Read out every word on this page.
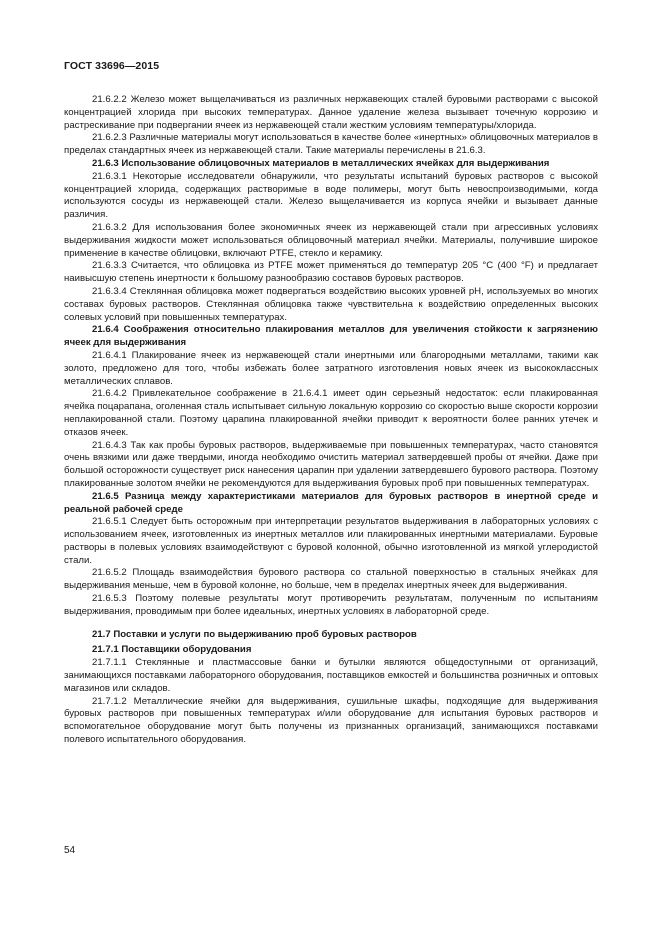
ГОСТ 33696—2015

21.6.2.2 Железо может выщелачиваться из различных нержавеющих сталей буровыми растворами с высокой концентрацией хлорида при высоких температурах. Данное удаление железа вызывает точечную коррозию и растрескивание при подвергании ячеек из нержавеющей стали жестким условиям температуры/хлорида.

21.6.2.3 Различные материалы могут использоваться в качестве более «инертных» облицовочных материалов в пределах стандартных ячеек из нержавеющей стали. Такие материалы перечислены в 21.6.3.

21.6.3 Использование облицовочных материалов в металлических ячейках для выдерживания

21.6.3.1 Некоторые исследователи обнаружили, что результаты испытаний буровых растворов с высокой концентрацией хлорида, содержащих растворимые в воде полимеры, могут быть невоспроизводимыми, когда используются сосуды из нержавеющей стали. Железо выщелачивается из корпуса ячейки и вызывает данные различия.

21.6.3.2 Для использования более экономичных ячеек из нержавеющей стали при агрессивных условиях выдерживания жидкости может использоваться облицовочный материал ячейки. Материалы, получившие широкое применение в качестве облицовки, включают PTFE, стекло и керамику.

21.6.3.3 Считается, что облицовка из PTFE может применяться до температур 205 °С (400 °F) и предлагает наивысшую степень инертности к большому разнообразию составов буровых растворов.

21.6.3.4 Стеклянная облицовка может подвергаться воздействию высоких уровней pH, используемых во многих составах буровых растворов. Стеклянная облицовка также чувствительна к воздействию определенных высоких солевых условий при повышенных температурах.

21.6.4 Соображения относительно плакирования металлов для увеличения стойкости к загрязнению ячеек для выдерживания

21.6.4.1 Плакирование ячеек из нержавеющей стали инертными или благородными металлами, такими как золото, предложено для того, чтобы избежать более затратного изготовления новых ячеек из высококлассных металлических сплавов.

21.6.4.2 Привлекательное соображение в 21.6.4.1 имеет один серьезный недостаток: если плакированная ячейка поцарапана, оголенная сталь испытывает сильную локальную коррозию со скоростью выше скорости коррозии неплакированной стали. Поэтому царапина плакированной ячейки приводит к вероятности более ранних утечек и отказов ячеек.

21.6.4.3 Так как пробы буровых растворов, выдерживаемые при повышенных температурах, часто становятся очень вязкими или даже твердыми, иногда необходимо очистить материал затвердевшей пробы от ячейки. Даже при большой осторожности существует риск нанесения царапин при удалении затвердевшего бурового раствора. Поэтому плакированные золотом ячейки не рекомендуются для выдерживания буровых проб при повышенных температурах.

21.6.5 Разница между характеристиками материалов для буровых растворов в инертной среде и реальной рабочей среде

21.6.5.1 Следует быть осторожным при интерпретации результатов выдерживания в лабораторных условиях с использованием ячеек, изготовленных из инертных металлов или плакированных инертными материалами. Буровые растворы в полевых условиях взаимодействуют с буровой колонной, обычно изготовленной из мягкой углеродистой стали.

21.6.5.2 Площадь взаимодействия бурового раствора со стальной поверхностью в стальных ячейках для выдерживания меньше, чем в буровой колонне, но больше, чем в пределах инертных ячеек для выдерживания.

21.6.5.3 Поэтому полевые результаты могут противоречить результатам, полученным по испытаниям выдерживания, проводимым при более идеальных, инертных условиях в лабораторной среде.

21.7 Поставки и услуги по выдерживанию проб буровых растворов

21.7.1 Поставщики оборудования

21.7.1.1 Стеклянные и пластмассовые банки и бутылки являются общедоступными от организаций, занимающихся поставками лабораторного оборудования, поставщиков емкостей и большинства розничных и оптовых магазинов или складов.

21.7.1.2 Металлические ячейки для выдерживания, сушильные шкафы, подходящие для выдерживания буровых растворов при повышенных температурах и/или оборудование для испытания буровых растворов и вспомогательное оборудование могут быть получены из признанных организаций, занимающихся поставками полевого испытательного оборудования.

54
